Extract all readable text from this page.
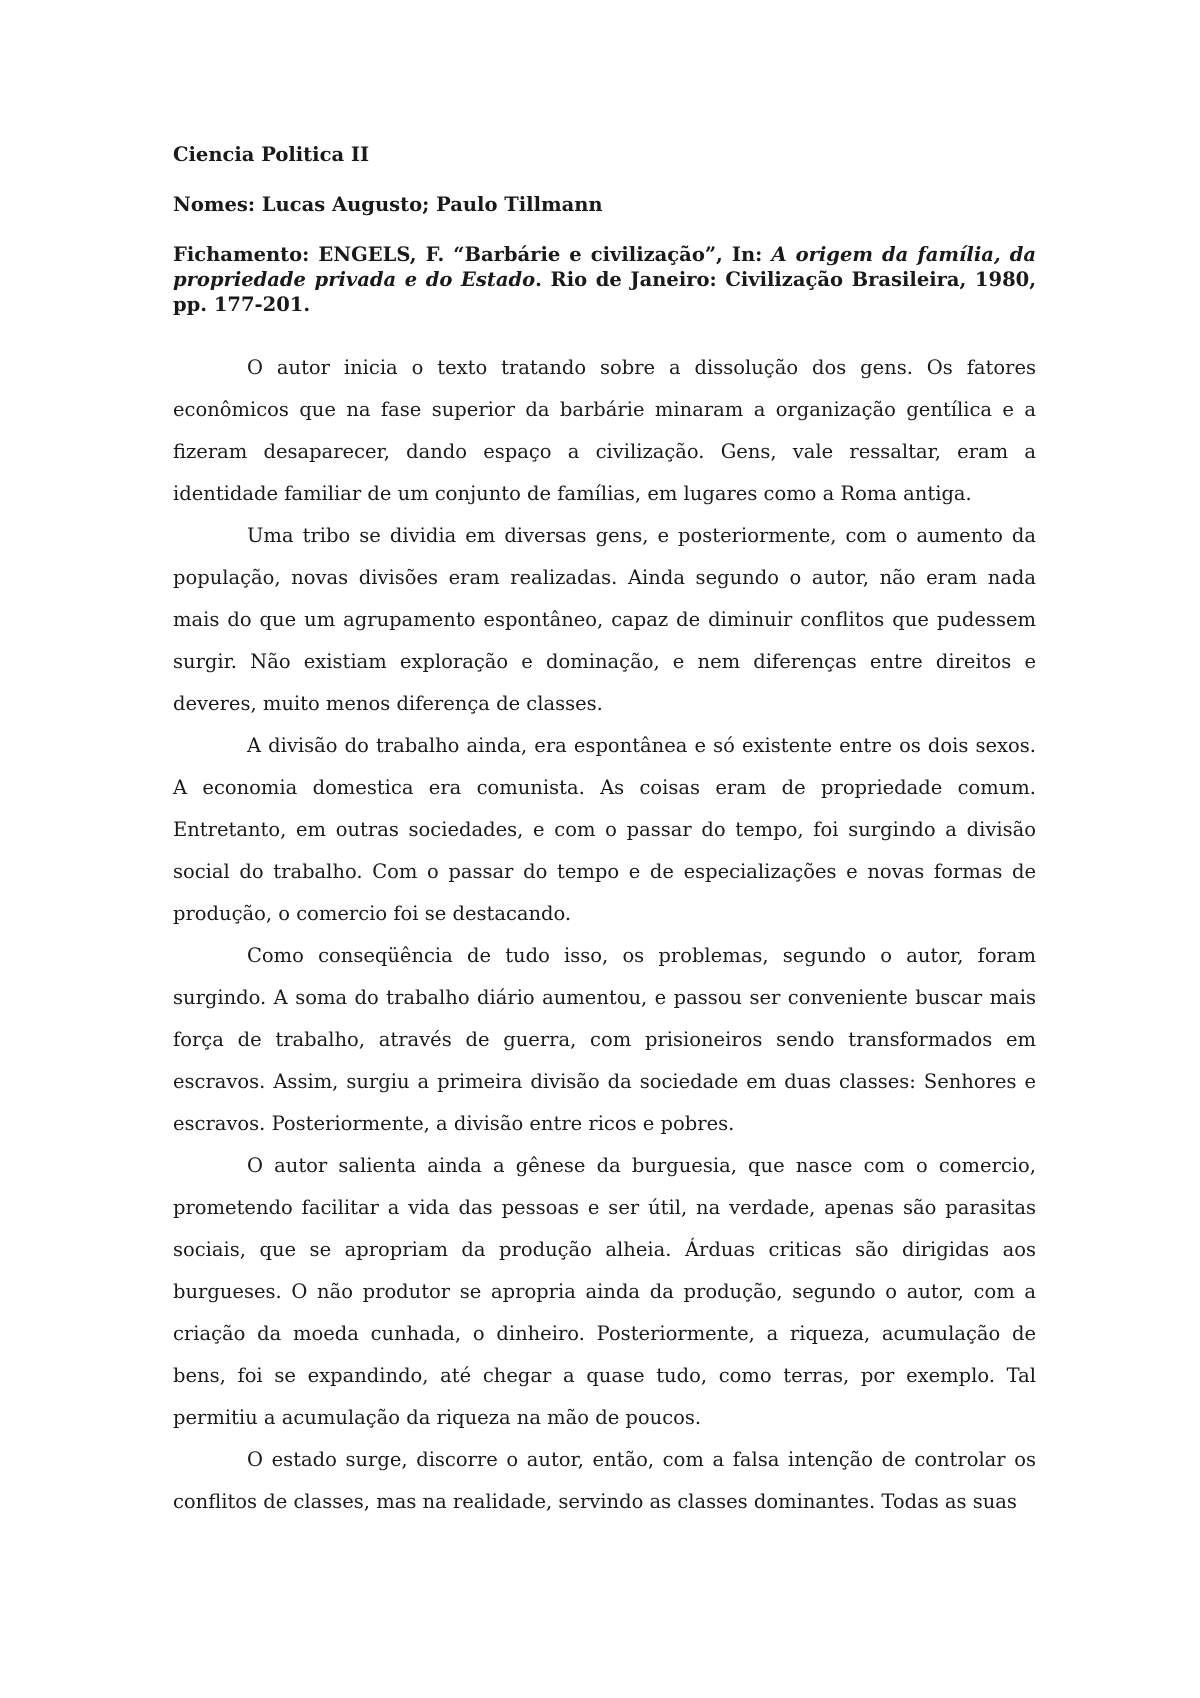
Ciencia Politica II

Nomes: Lucas Augusto; Paulo Tillmann

Fichamento: ENGELS, F. “Barbárie e civilização”, In: A origem da família, da propriedade privada e do Estado. Rio de Janeiro: Civilização Brasileira, 1980, pp. 177-201.

O autor inicia o texto tratando sobre a dissolução dos gens. Os fatores econômicos que na fase superior da barbárie minaram a organização gentílica e a fizeram desaparecer, dando espaço a civilização. Gens, vale ressaltar, eram a identidade familiar de um conjunto de famílias, em lugares como a Roma antiga.

Uma tribo se dividia em diversas gens, e posteriormente, com o aumento da população, novas divisões eram realizadas. Ainda segundo o autor, não eram nada mais do que um agrupamento espontâneo, capaz de diminuir conflitos que pudessem surgir. Não existiam exploração e dominação, e nem diferenças entre direitos e deveres, muito menos diferença de classes.

A divisão do trabalho ainda, era espontânea e só existente entre os dois sexos. A economia domestica era comunista. As coisas eram de propriedade comum. Entretanto, em outras sociedades, e com o passar do tempo, foi surgindo a divisão social do trabalho. Com o passar do tempo e de especializações e novas formas de produção, o comercio foi se destacando.

Como conseqüência de tudo isso, os problemas, segundo o autor, foram surgindo. A soma do trabalho diário aumentou, e passou ser conveniente buscar mais força de trabalho, através de guerra, com prisioneiros sendo transformados em escravos. Assim, surgiu a primeira divisão da sociedade em duas classes: Senhores e escravos. Posteriormente, a divisão entre ricos e pobres.

O autor salienta ainda a gênese da burguesia, que nasce com o comercio, prometendo facilitar a vida das pessoas e ser útil, na verdade, apenas são parasitas sociais, que se apropriam da produção alheia. Árduas criticas são dirigidas aos burgueses. O não produtor se apropria ainda da produção, segundo o autor, com a criação da moeda cunhada, o dinheiro. Posteriormente, a riqueza, acumulação de bens, foi se expandindo, até chegar a quase tudo, como terras, por exemplo. Tal permitiu a acumulação da riqueza na mão de poucos.

O estado surge, discorre o autor, então, com a falsa intenção de controlar os conflitos de classes, mas na realidade, servindo as classes dominantes. Todas as suas
